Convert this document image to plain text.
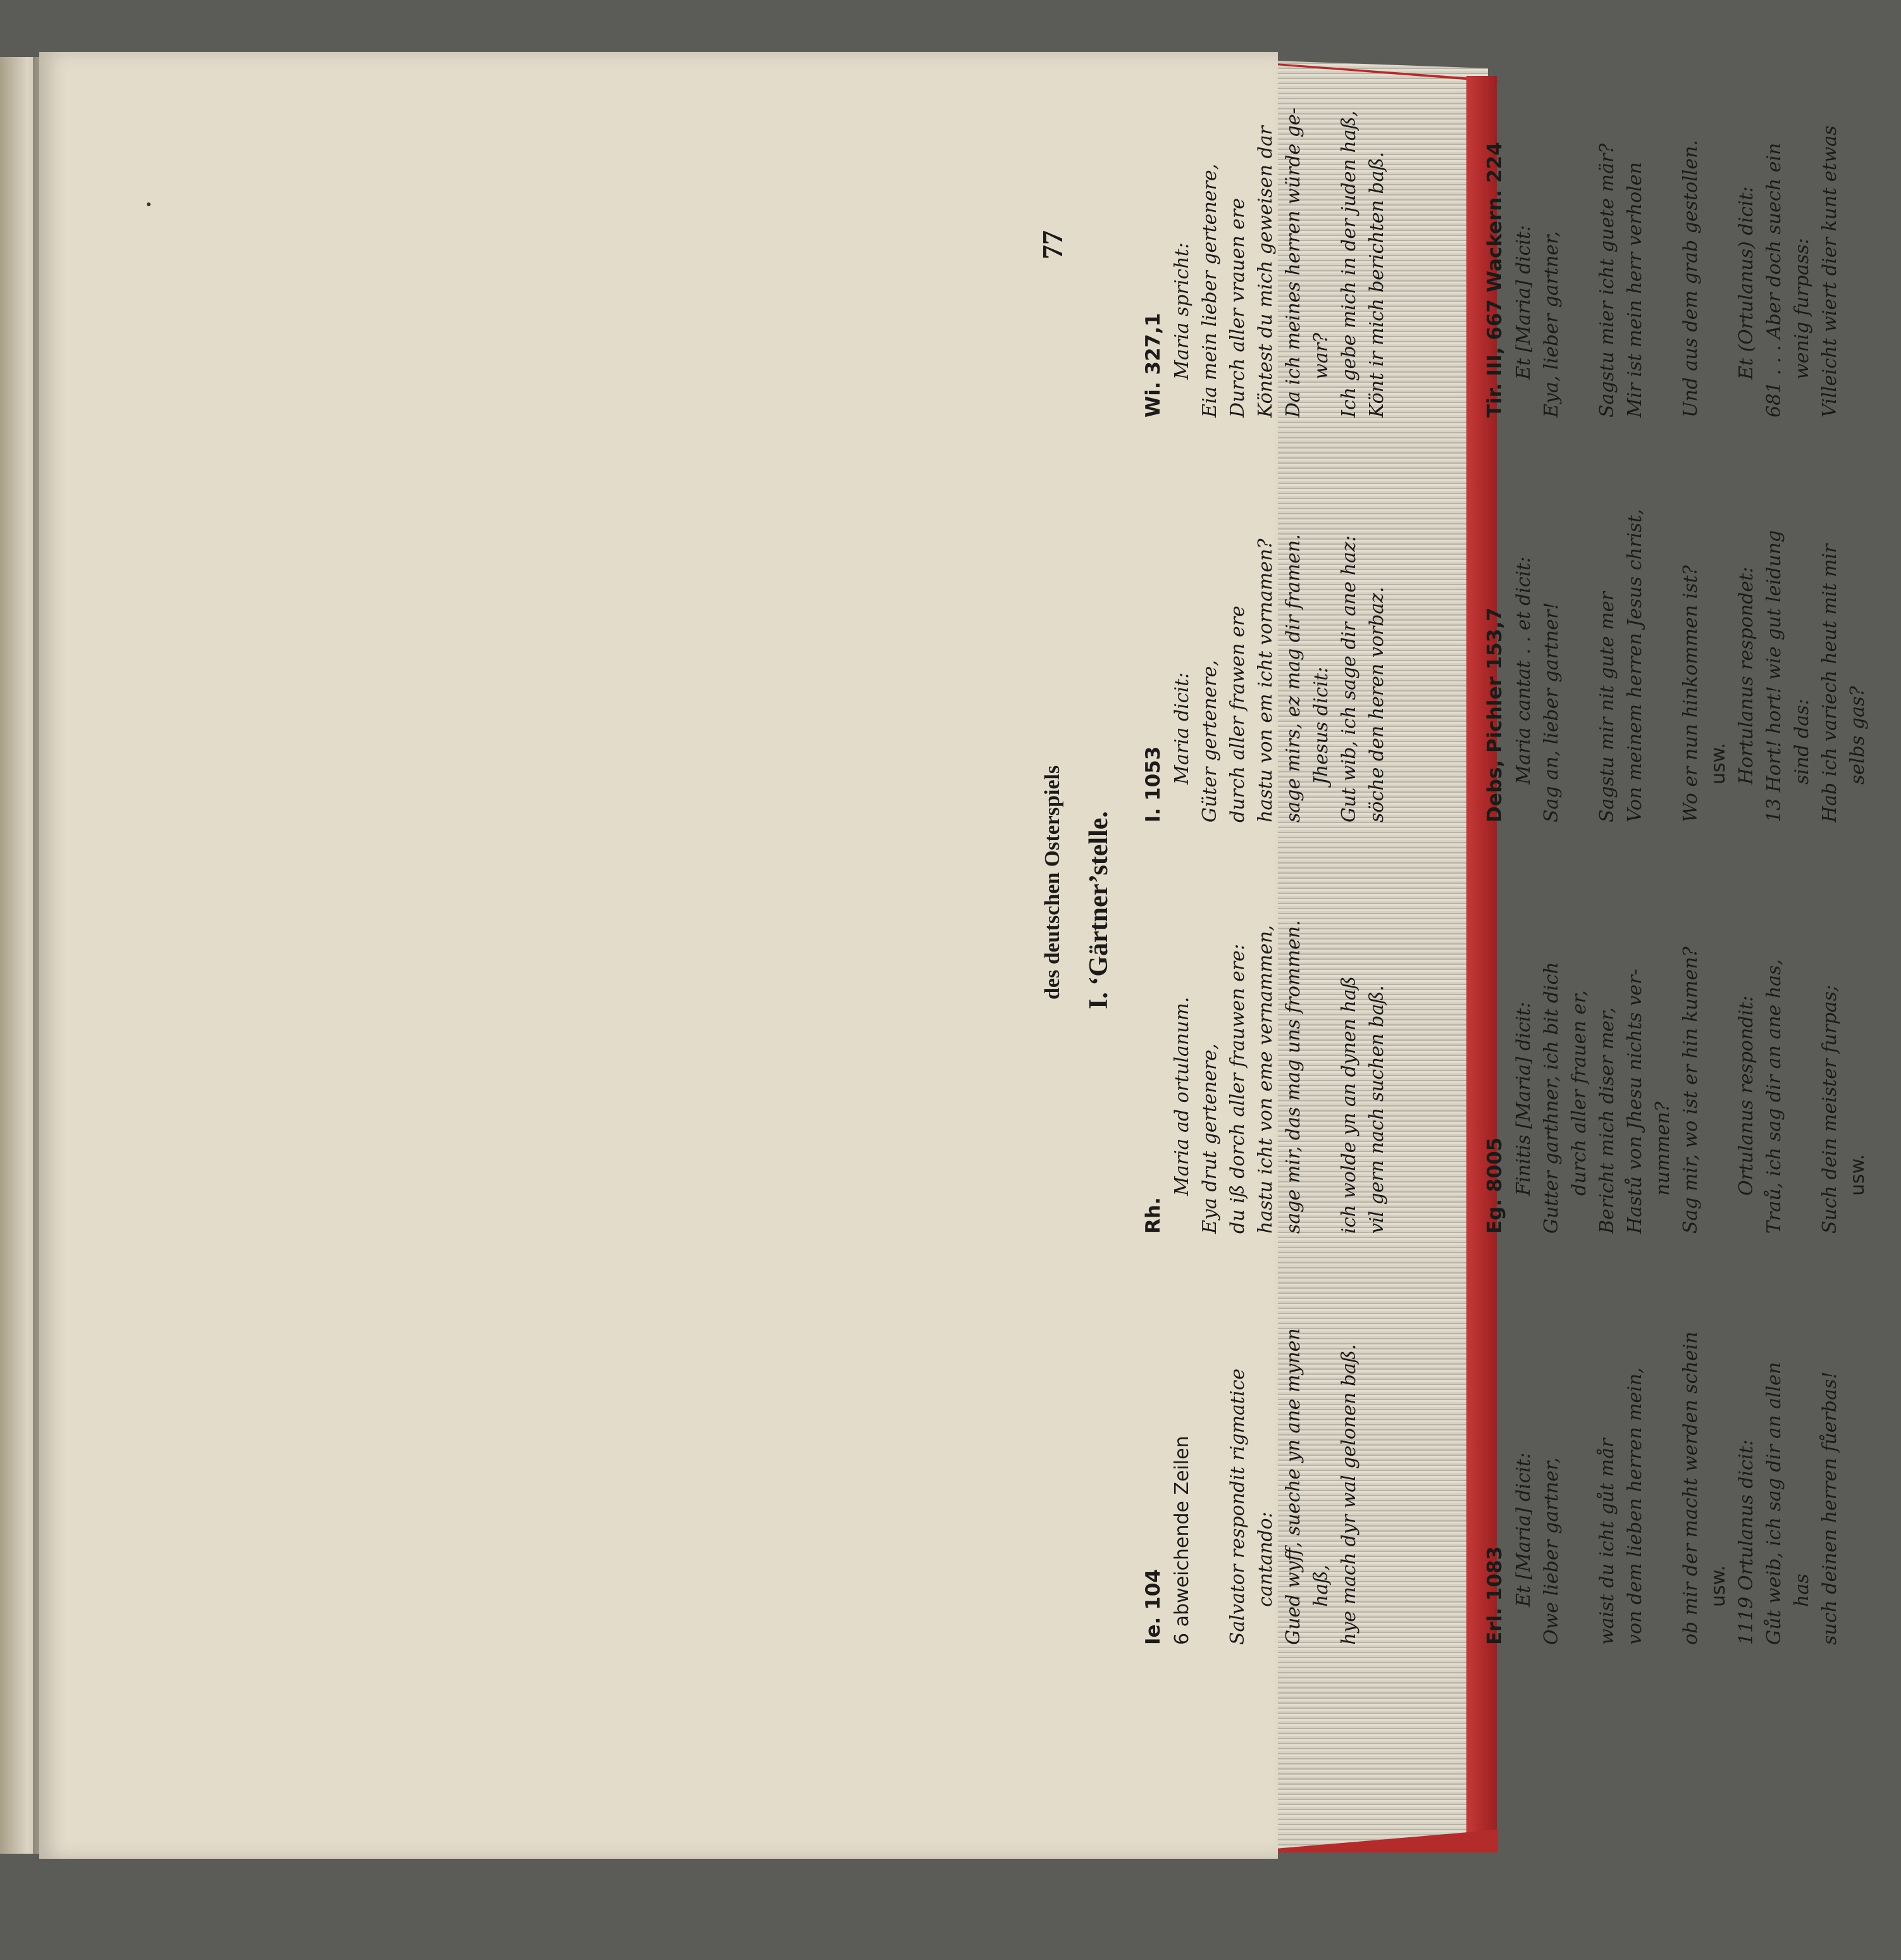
des deutschen Osterspiels
77
I. ‘Gärtner’stelle.
Ie. 104 6 abweichende Zeilen Salvator respondit rigmatice cantando: Gued wyff, sueche yn ane mynen haß, hye mach dyr wal gelonen baß.
Rh.
Maria ad ortulanum. Eya drut gertenere, du iß dorch aller frauwen ere: hastu icht von eme vernammen, sage mir, das mag uns frommen. ich wolde yn an dynen haß vil gern nach suchen baß.
I. 1053 Maria dicit: Güter gertenere, durch aller frawen ere hastu von em icht vornamen? sage mirs, ez mag dir framen. Jhesus dicit: Gut wib, ich sage dir ane haz: söche den heren vorbaz.
Wi. 327,1 Maria spricht: Eia mein lieber gertenere, Durch aller vrauen ere Köntest du mich geweisen dar Da ich meines herren würde ge- war? Ich gebe mich in der juden haß, Könt ir mich berichten baß.
Erl. 1083 Et [Maria] dicit: Owe lieber gartner, waist du icht gůt mår von dem lieben herren mein, ob mir der macht werden schein usw. 1119 Ortulanus dicit: Gůt weib, ich sag dir an allen has such deinen herren fůerbas!
Eg. 8005 Finitis [Maria] dicit: Gutter garthner, ich bit dich durch aller frauen er, Bericht mich diser mer, Hastů von Jhesu nichts ver- nummen? Sag mir, wo ist er hin kumen? Ortulanus respondit: Traů, ich sag dir an ane has, Such dein meister furpas; usw.
Debs, Pichler 153,7 Maria cantat . . et dicit: Sag an, lieber gartner! Sagstu mir nit gute mer Von meinem herren Jesus christ, Wo er nun hinkommen ist? usw. Hortulanus respondet: 13 Hort! hort! wie gut leidung sind das: Hab ich variech heut mit mir selbs gas?
Tir. III, 667 Wackern. 224 Et [Maria] dicit: Eya, lieber gartner, Sagstu mier icht guete mär? Mir ist mein herr verholen Und aus dem grab gestollen. Et (Ortulanus) dicit: 681 . . . Aber doch suech ein wenig furpass: Villeicht wiert dier kunt etwas
